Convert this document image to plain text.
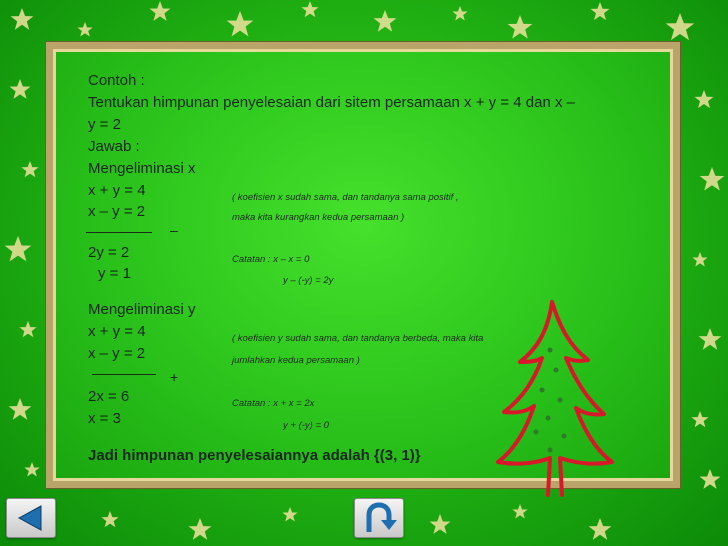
Contoh :
Tentukan himpunan penyelesaian dari sitem persamaan x + y = 4 dan x –
y = 2
Jawab :
Mengeliminasi x
x + y = 4	( koefisien x sudah sama, dan tandanya sama positif ,
x – y = 2	maka kita kurangkan kedua persamaan )
–
2y = 2	Catatan : x – x = 0
y = 1	y – (-y) = 2y
Mengeliminasi y
x + y = 4	( koefisien y sudah sama, dan tandanya berbeda, maka kita
x – y = 2	jumlahkan kedua persamaan )
+
2x = 6	Catatan : x + x = 2x
x = 3	y + (-y) = 0
Jadi himpunan penyelesaiannya adalah {(3, 1)}
